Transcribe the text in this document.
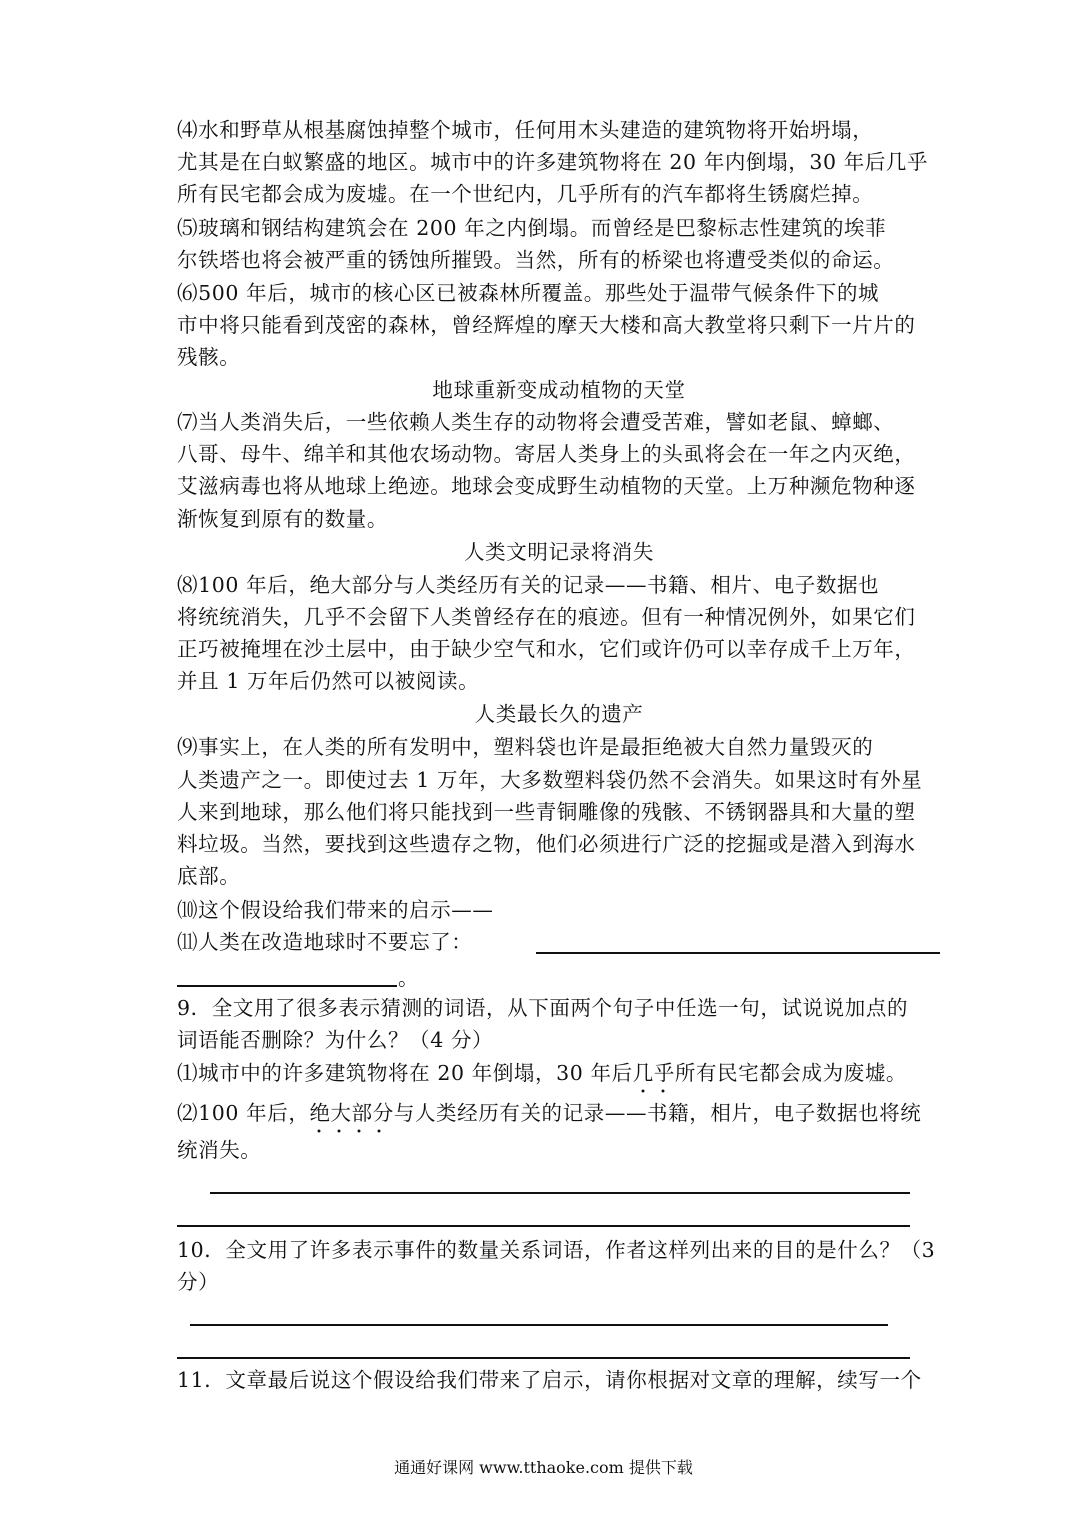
⑷水和野草从根基腐蚀掉整个城市，任何用木头建造的建筑物将开始坍塌，
尤其是在白蚁繁盛的地区。城市中的许多建筑物将在 20 年内倒塌，30 年后几乎
所有民宅都会成为废墟。在一个世纪内，几乎所有的汽车都将生锈腐烂掉。
⑸玻璃和钢结构建筑会在 200 年之内倒塌。而曾经是巴黎标志性建筑的埃菲
尔铁塔也将会被严重的锈蚀所摧毁。当然，所有的桥梁也将遭受类似的命运。
⑹500 年后，城市的核心区已被森林所覆盖。那些处于温带气候条件下的城
市中将只能看到茂密的森林，曾经辉煌的摩天大楼和高大教堂将只剩下一片片的
残骸。
地球重新变成动植物的天堂
⑺当人类消失后，一些依赖人类生存的动物将会遭受苦难，譬如老鼠、蟑螂、
八哥、母牛、绵羊和其他农场动物。寄居人类身上的头虱将会在一年之内灭绝，
艾滋病毒也将从地球上绝迹。地球会变成野生动植物的天堂。上万种濒危物种逐
渐恢复到原有的数量。
人类文明记录将消失
⑻100 年后，绝大部分与人类经历有关的记录——书籍、相片、电子数据也
将统统消失，几乎不会留下人类曾经存在的痕迹。但有一种情况例外，如果它们
正巧被掩埋在沙土层中，由于缺少空气和水，它们或许仍可以幸存成千上万年，
并且 1 万年后仍然可以被阅读。
人类最长久的遗产
⑼事实上，在人类的所有发明中，塑料袋也许是最拒绝被大自然力量毁灭的
人类遗产之一。即使过去 1 万年，大多数塑料袋仍然不会消失。如果这时有外星
人来到地球，那么他们将只能找到一些青铜雕像的残骸、不锈钢器具和大量的塑
料垃圾。当然，要找到这些遗存之物，他们必须进行广泛的挖掘或是潜入到海水
底部。
⑽这个假设给我们带来的启示——
⑾人类在改造地球时不要忘了：
。
9．全文用了很多表示猜测的词语，从下面两个句子中任选一句，试说说加点的
词语能否删除？为什么？（4 分）
⑴城市中的许多建筑物将在 20 年倒塌，30 年后几乎所有民宅都会成为废墟。
⑵100 年后，绝大部分与人类经历有关的记录——书籍，相片，电子数据也将统
统消失。
10．全文用了许多表示事件的数量关系词语，作者这样列出来的目的是什么？（3
分）
11．文章最后说这个假设给我们带来了启示，请你根据对文章的理解，续写一个
通通好课网 www.tthaoke.com 提供下载
